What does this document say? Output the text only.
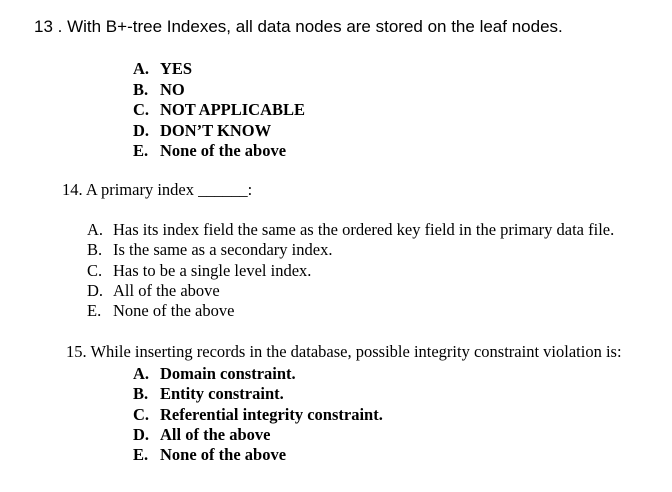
13 . With B+-tree Indexes, all data nodes are stored on the leaf nodes.
A. YES
B. NO
C. NOT APPLICABLE
D. DON’T KNOW
E. None of the above
14. A primary index ______:
A. Has its index field the same as the ordered key field in the primary data file.
B. Is the same as a secondary index.
C. Has to be a single level index.
D. All of the above
E. None of the above
15. While inserting records in the database, possible integrity constraint violation is:
A. Domain constraint.
B. Entity constraint.
C. Referential integrity constraint.
D. All of the above
E. None of the above
